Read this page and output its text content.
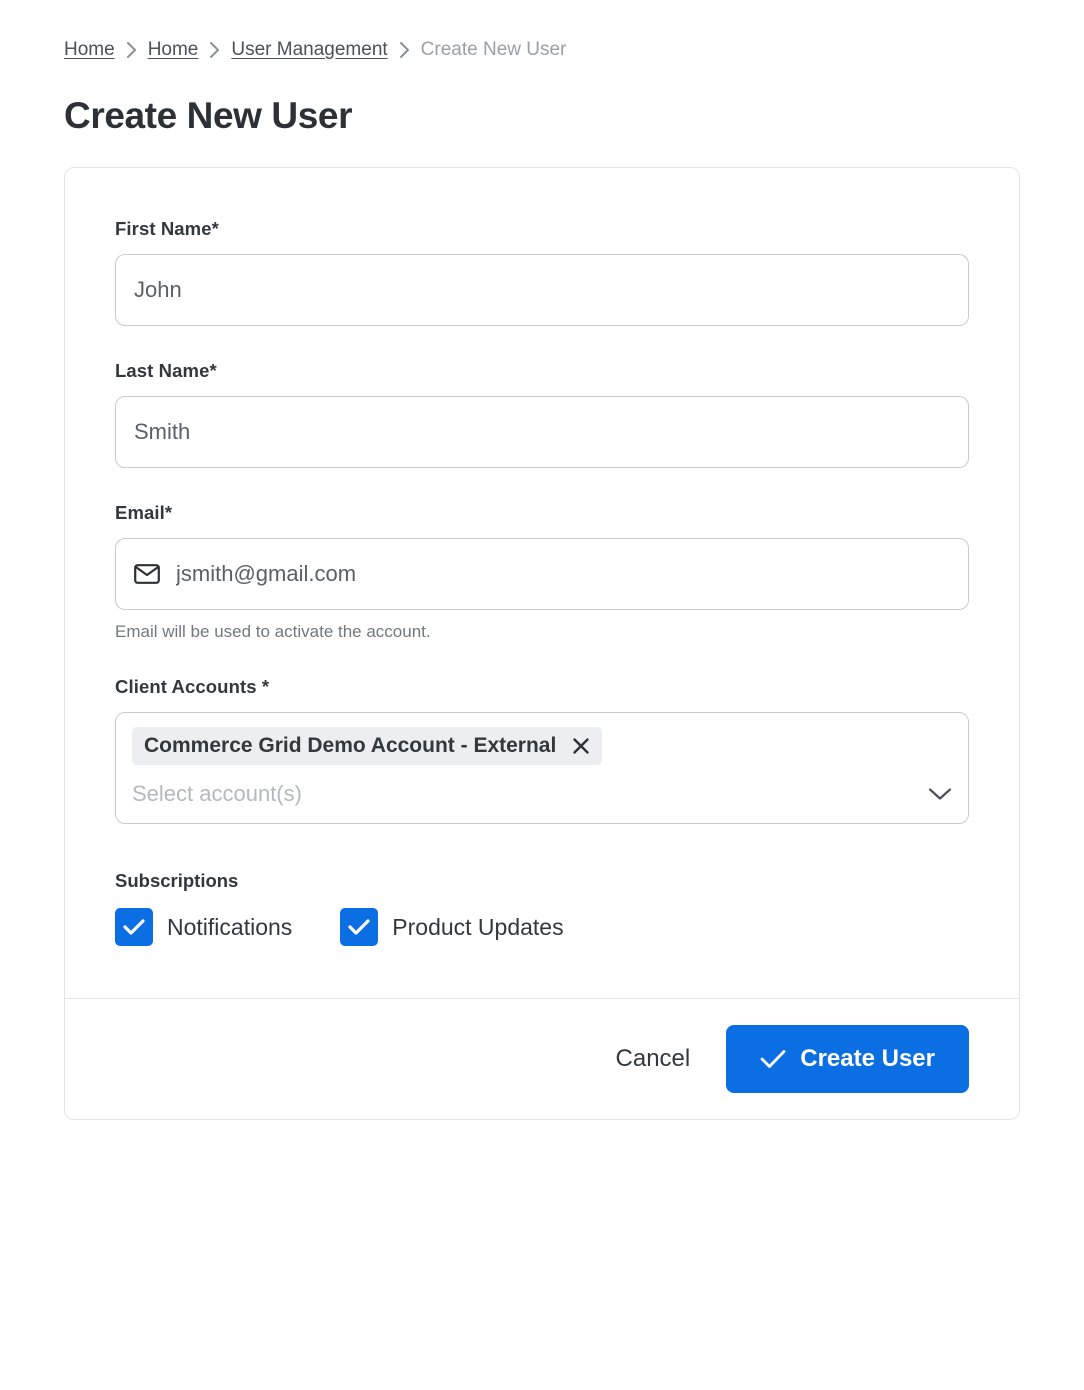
Home Home User Management Create New User
Create New User
First Name*
John
Last Name*
Smith
Email*
jsmith@gmail.com
Email will be used to activate the account.
Client Accounts *
Commerce Grid Demo Account - External
Select account(s)
Subscriptions
Notifications	Product Updates
Cancel	Create User
